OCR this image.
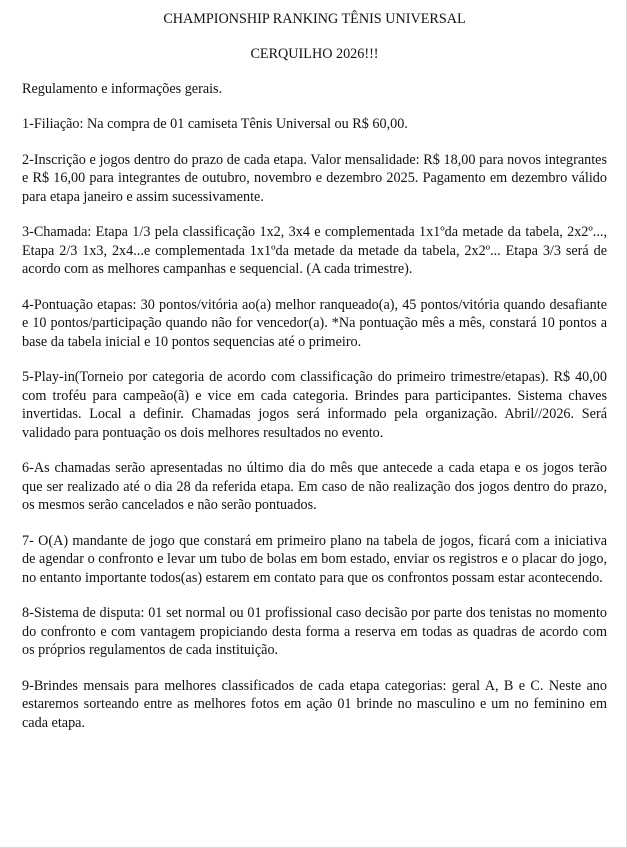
CHAMPIONSHIP RANKING TÊNIS UNIVERSAL

CERQUILHO 2026!!!

Regulamento e informações gerais.

1-Filiação: Na compra de 01 camiseta Tênis Universal ou R$ 60,00.

2-Inscrição e jogos dentro do prazo de cada etapa. Valor mensalidade: R$ 18,00 para novos integrantes e R$ 16,00 para integrantes de outubro, novembro e dezembro 2025. Pagamento em dezembro válido para etapa janeiro e assim sucessivamente.

3-Chamada: Etapa 1/3 pela classificação 1x2, 3x4 e complementada 1x1ºda metade da tabela, 2x2º..., Etapa 2/3 1x3, 2x4...e complementada 1x1ºda metade da metade da tabela, 2x2º... Etapa 3/3 será de acordo com as melhores campanhas e sequencial. (A cada trimestre).

4-Pontuação etapas: 30 pontos/vitória ao(a) melhor ranqueado(a), 45 pontos/vitória quando desafiante e 10 pontos/participação quando não for vencedor(a). *Na pontuação mês a mês, constará 10 pontos a base da tabela inicial e 10 pontos sequencias até o primeiro.

5-Play-in(Torneio por categoria de acordo com classificação do primeiro trimestre/etapas). R$ 40,00 com troféu para campeão(ã) e vice em cada categoria. Brindes para participantes. Sistema chaves invertidas. Local a definir. Chamadas jogos será informado pela organização. Abril//2026. Será validado para pontuação os dois melhores resultados no evento.

6-As chamadas serão apresentadas no último dia do mês que antecede a cada etapa e os jogos terão que ser realizado até o dia 28 da referida etapa. Em caso de não realização dos jogos dentro do prazo, os mesmos serão cancelados e não serão pontuados.

7- O(A) mandante de jogo que constará em primeiro plano na tabela de jogos, ficará com a iniciativa de agendar o confronto e levar um tubo de bolas em bom estado, enviar os registros e o placar do jogo, no entanto importante todos(as) estarem em contato para que os confrontos possam estar acontecendo.

8-Sistema de disputa: 01 set normal ou 01 profissional caso decisão por parte dos tenistas no momento do confronto e com vantagem propiciando desta forma a reserva em todas as quadras de acordo com os próprios regulamentos de cada instituição.

9-Brindes mensais para melhores classificados de cada etapa categorias: geral A, B e C. Neste ano estaremos sorteando entre as melhores fotos em ação 01 brinde no masculino e um no feminino em cada etapa.
